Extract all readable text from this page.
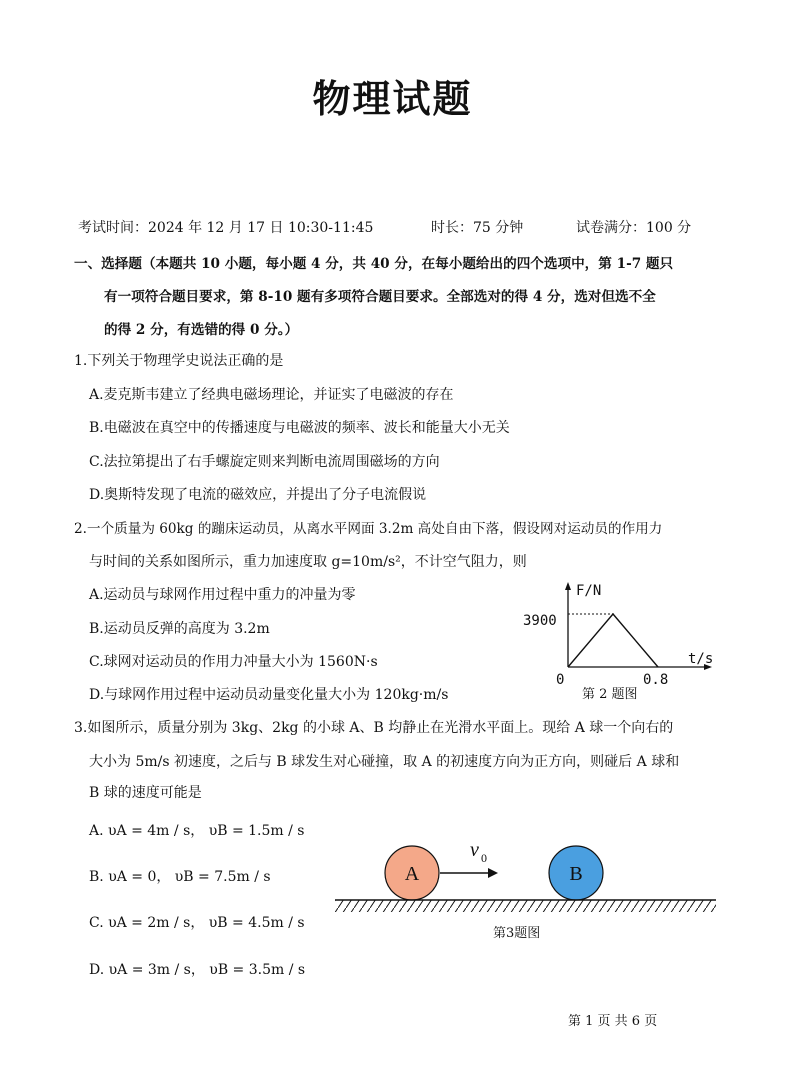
物理试题
考试时间：2024 年 12 月 17 日 10:30-11:45	时长：75 分钟	试卷满分：100 分
一、选择题（本题共 10 小题，每小题 4 分，共 40 分，在每小题给出的四个选项中，第 1-7 题只
有一项符合题目要求，第 8-10 题有多项符合题目要求。全部选对的得 4 分，选对但选不全
的得 2 分，有选错的得 0 分。）
1.下列关于物理学史说法正确的是
A.麦克斯韦建立了经典电磁场理论，并证实了电磁波的存在
B.电磁波在真空中的传播速度与电磁波的频率、波长和能量大小无关
C.法拉第提出了右手螺旋定则来判断电流周围磁场的方向
D.奥斯特发现了电流的磁效应，并提出了分子电流假说
2.一个质量为 60kg 的蹦床运动员，从离水平网面 3.2m 高处自由下落，假设网对运动员的作用力
与时间的关系如图所示，重力加速度取 g=10m/s²，不计空气阻力，则
A.运动员与球网作用过程中重力的冲量为零
B.运动员反弹的高度为 3.2m
C.球网对运动员的作用力冲量大小为 1560N·s
D.与球网作用过程中运动员动量变化量大小为 120kg·m/s
F/N
t/s
0
3900
0.8
第 2 题图
3.如图所示，质量分别为 3kg、2kg 的小球 A、B 均静止在光滑水平面上。现给 A 球一个向右的
大小为 5m/s 初速度，之后与 B 球发生对心碰撞，取 A 的初速度方向为正方向，则碰后 A 球和
B 球的速度可能是
A. υA = 4m / s， υB = 1.5m / s
B. υA = 0， υB = 7.5m / s
C. υA = 2m / s， υB = 4.5m / s
D. υA = 3m / s， υB = 3.5m / s
A	B
v 0
第3题图
第 1 页 共 6 页
